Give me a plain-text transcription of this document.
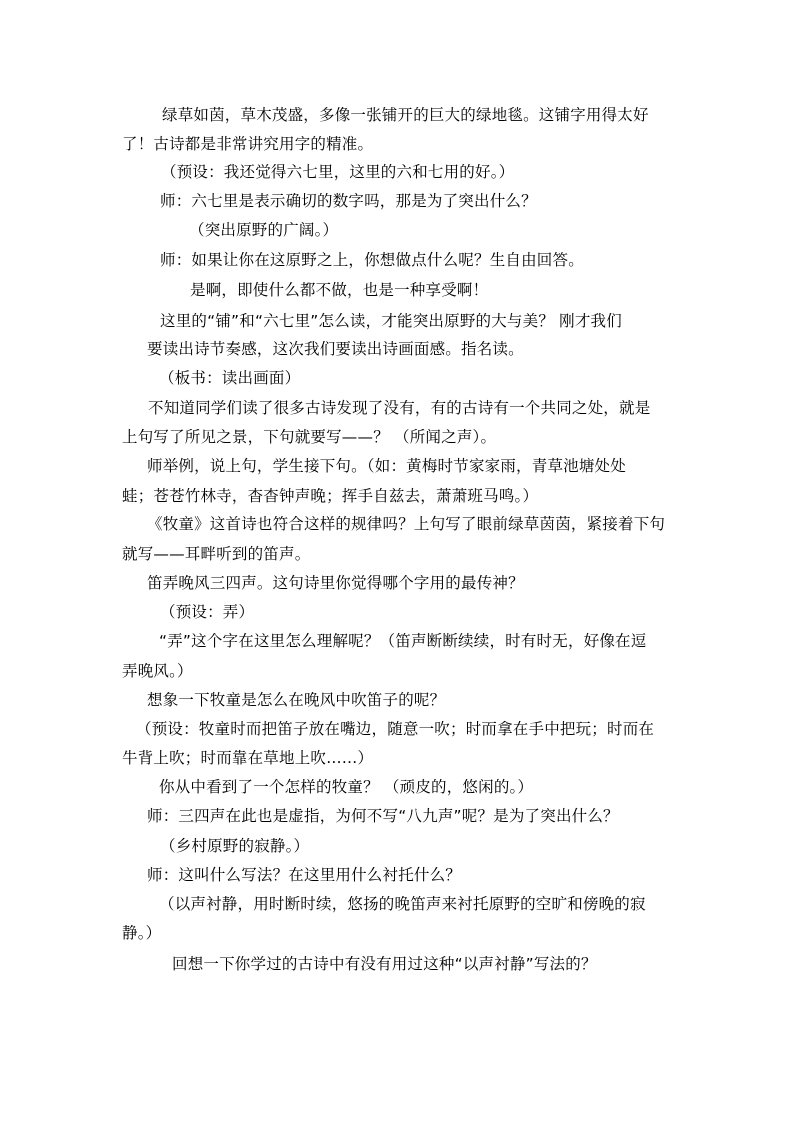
绿草如茵，草木茂盛，多像一张铺开的巨大的绿地毯。这铺字用得太好
了！古诗都是非常讲究用字的精准。
（预设：我还觉得六七里，这里的六和七用的好。）
师：六七里是表示确切的数字吗，那是为了突出什么？
（突出原野的广阔。）
师：如果让你在这原野之上，你想做点什么呢？生自由回答。
是啊，即使什么都不做，也是一种享受啊！
这里的“铺”和“六七里”怎么读，才能突出原野的大与美？ 刚才我们
要读出诗节奏感，这次我们要读出诗画面感。指名读。
（板书：读出画面）
不知道同学们读了很多古诗发现了没有，有的古诗有一个共同之处，就是
上句写了所见之景，下句就要写——？ （所闻之声）。
师举例，说上句，学生接下句。（如：黄梅时节家家雨，青草池塘处处
蛙；苍苍竹林寺，杳杳钟声晚；挥手自兹去，萧萧班马鸣。）
《牧童》这首诗也符合这样的规律吗？上句写了眼前绿草茵茵，紧接着下句
就写——耳畔听到的笛声。
笛弄晚风三四声。这句诗里你觉得哪个字用的最传神？
（预设：弄）
“弄”这个字在这里怎么理解呢？（笛声断断续续，时有时无，好像在逗
弄晚风。）
想象一下牧童是怎么在晚风中吹笛子的呢？
（预设：牧童时而把笛子放在嘴边，随意一吹；时而拿在手中把玩；时而在
牛背上吹；时而靠在草地上吹……）
你从中看到了一个怎样的牧童？ （顽皮的，悠闲的。）
师：三四声在此也是虚指，为何不写“八九声”呢？是为了突出什么？
（乡村原野的寂静。）
师：这叫什么写法？在这里用什么衬托什么？
（以声衬静，用时断时续，悠扬的晚笛声来衬托原野的空旷和傍晚的寂
静。）
回想一下你学过的古诗中有没有用过这种“以声衬静”写法的？
